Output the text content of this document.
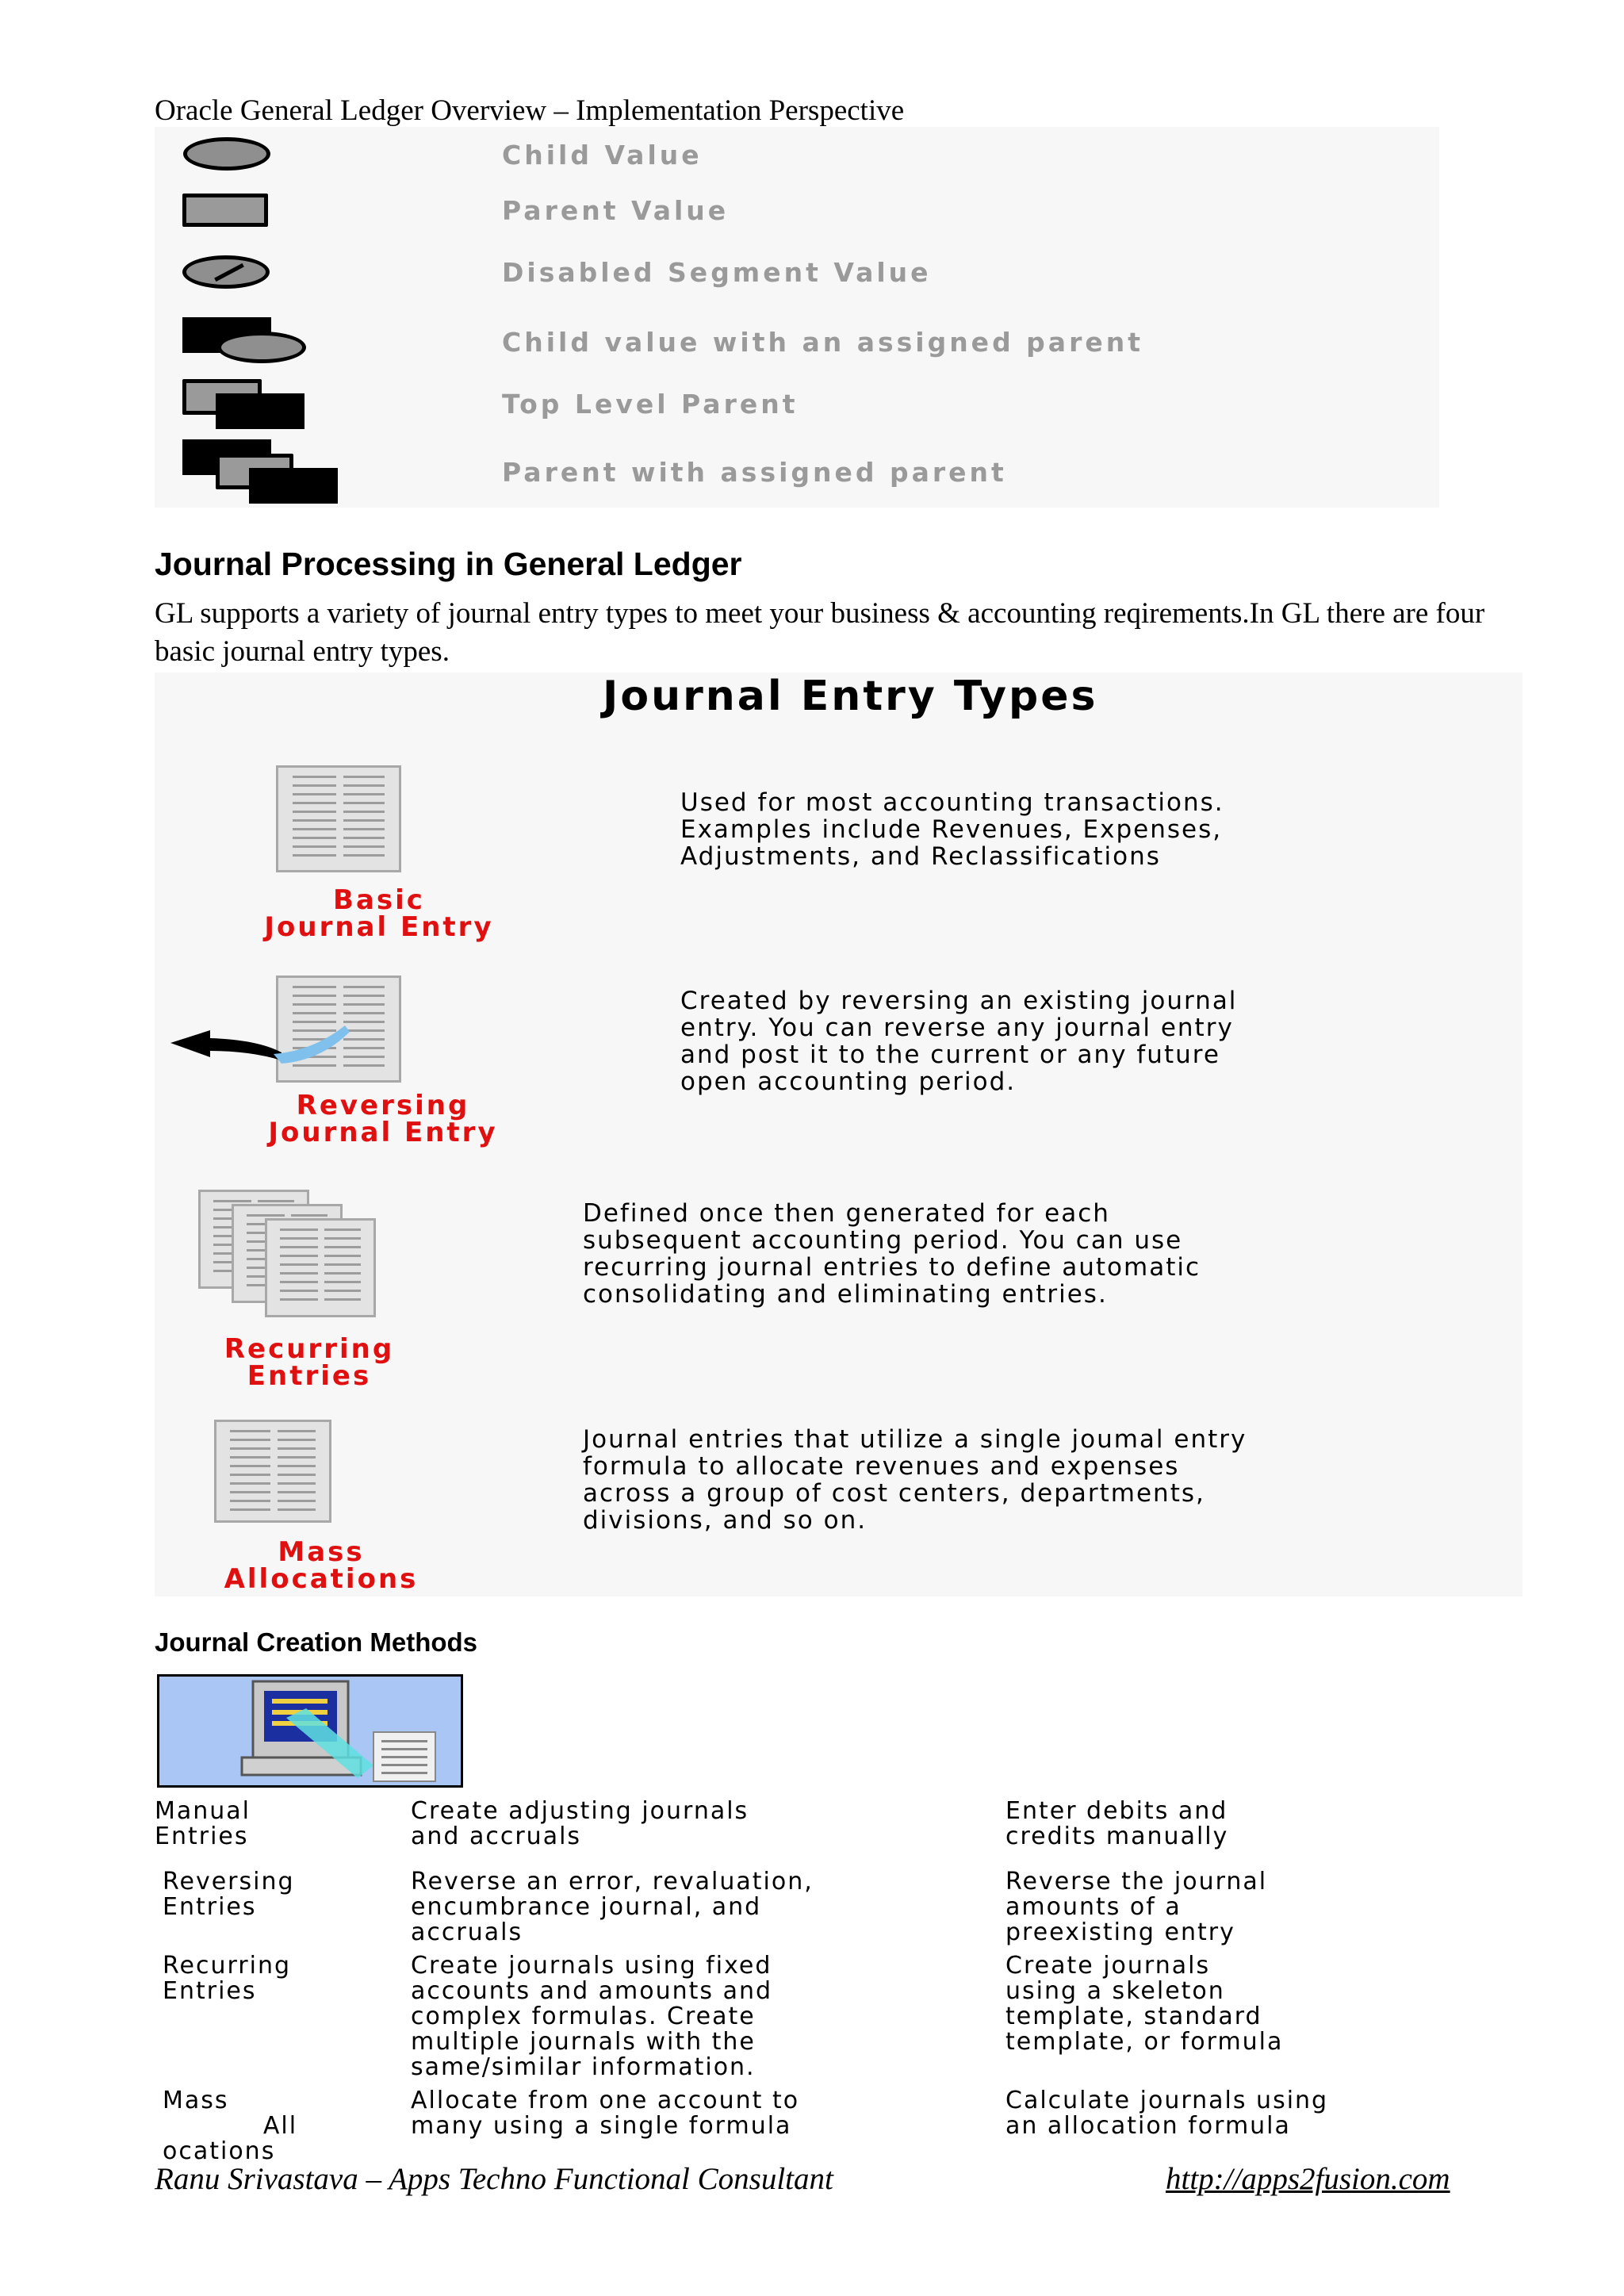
Oracle General Ledger Overview – Implementation Perspective
Child Value
Parent Value
Disabled Segment Value
Child value with an assigned parent
Top Level Parent
Parent with assigned parent
Journal Processing in General Ledger
GL supports a variety of journal entry types to meet your business & accounting reqirements.In GL there are four basic journal entry types.
Journal Entry Types
Basic
Journal Entry
Used for most accounting transactions.
Examples include Revenues, Expenses,
Adjustments, and Reclassifications
Reversing
Journal Entry
Created by reversing an existing journal
entry. You can reverse any journal entry
and post it to the current or any future
open accounting period.
Recurring
Entries
Defined once then generated for each
subsequent accounting period. You can use
recurring journal entries to define automatic
consolidating and eliminating entries.
Mass
Allocations
Journal entries that utilize a single joumal entry
formula to allocate revenues and expenses
across a group of cost centers, departments,
divisions, and so on.
Journal Creation Methods
Manual
Entries
Create adjusting journals
and accruals
Enter debits and
credits manually
Reversing
Entries
Reverse an error, revaluation,
encumbrance journal, and
accruals
Reverse the journal
amounts of a
preexisting entry
Recurring
Entries
Create journals using fixed
accounts and amounts and
complex formulas. Create
multiple journals with the
same/similar information.
Create journals
using a skeleton
template, standard
template, or formula
Mass
All
ocations
Allocate from one account to
many using a single formula
Calculate journals using
an allocation formula
Ranu Srivastava – Apps Techno Functional Consultant	http://apps2fusion.com
